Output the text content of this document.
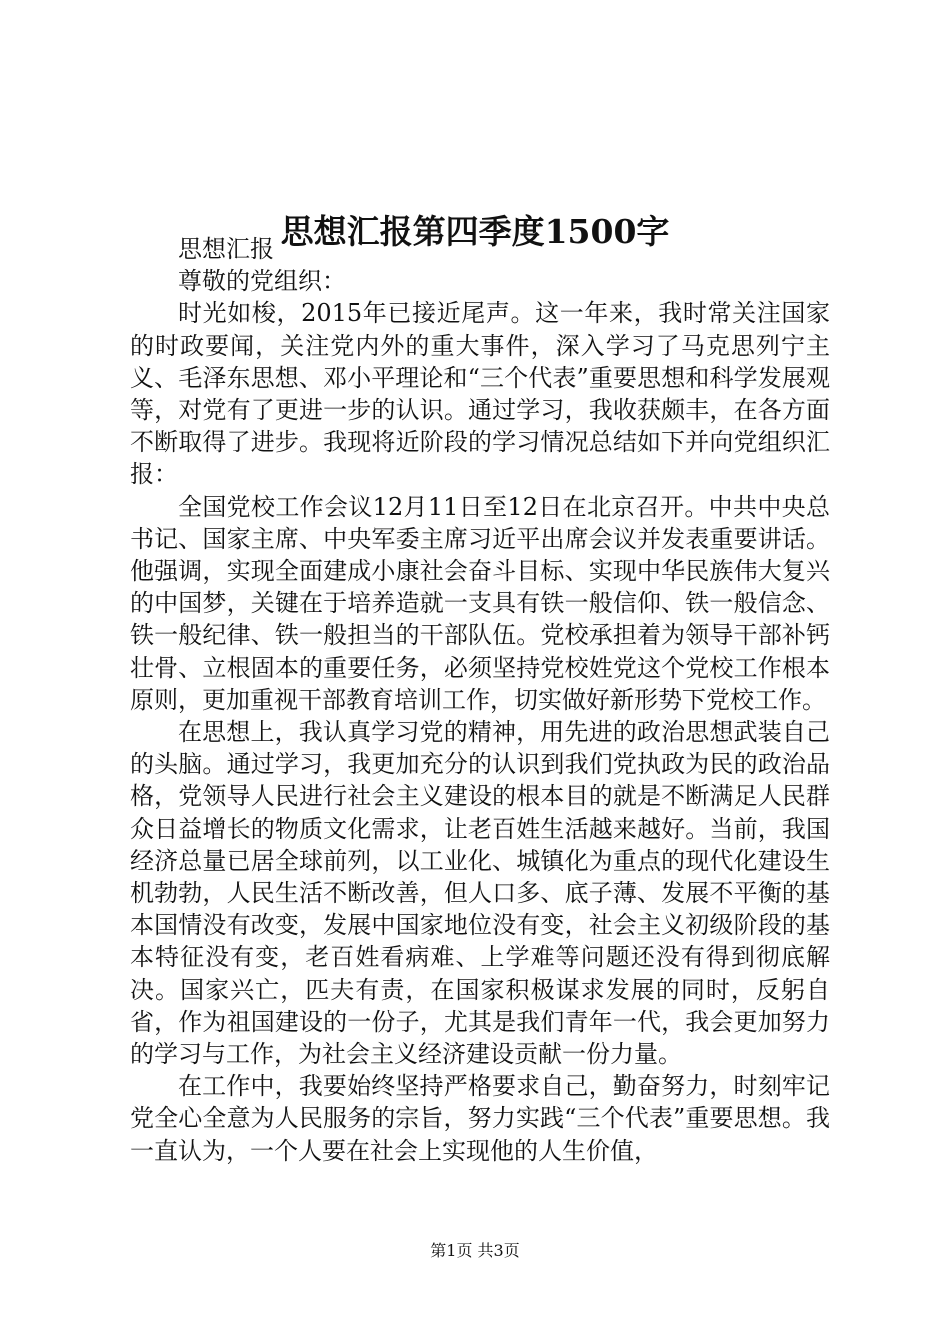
思想汇报第四季度1500字

思想汇报

尊敬的党组织：

时光如梭，2015年已接近尾声。这一年来，我时常关注国家的时政要闻，关注党内外的重大事件，深入学习了马克思列宁主义、毛泽东思想、邓小平理论和“三个代表”重要思想和科学发展观等，对党有了更进一步的认识。通过学习，我收获颇丰，在各方面不断取得了进步。我现将近阶段的学习情况总结如下并向党组织汇报：

全国党校工作会议12月11日至12日在北京召开。中共中央总书记、国家主席、中央军委主席习近平出席会议并发表重要讲话。他强调，实现全面建成小康社会奋斗目标、实现中华民族伟大复兴的中国梦，关键在于培养造就一支具有铁一般信仰、铁一般信念、铁一般纪律、铁一般担当的干部队伍。党校承担着为领导干部补钙壮骨、立根固本的重要任务，必须坚持党校姓党这个党校工作根本原则，更加重视干部教育培训工作，切实做好新形势下党校工作。

在思想上，我认真学习党的精神，用先进的政治思想武装自己的头脑。通过学习，我更加充分的认识到我们党执政为民的政治品格，党领导人民进行社会主义建设的根本目的就是不断满足人民群众日益增长的物质文化需求，让老百姓生活越来越好。当前，我国经济总量已居全球前列，以工业化、城镇化为重点的现代化建设生机勃勃，人民生活不断改善，但人口多、底子薄、发展不平衡的基本国情没有改变，发展中国家地位没有变，社会主义初级阶段的基本特征没有变，老百姓看病难、上学难等问题还没有得到彻底解决。国家兴亡，匹夫有责，在国家积极谋求发展的同时，反躬自省，作为祖国建设的一份子，尤其是我们青年一代，我会更加努力的学习与工作，为社会主义经济建设贡献一份力量。

在工作中，我要始终坚持严格要求自己，勤奋努力，时刻牢记党全心全意为人民服务的宗旨，努力实践“三个代表”重要思想。我一直认为，一个人要在社会上实现他的人生价值，

第1页 共3页
